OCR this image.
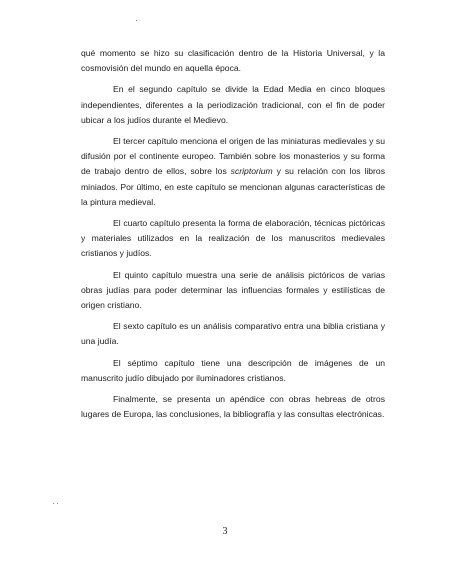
qué momento se hizo su clasificación dentro de la Historia Universal, y la cosmovisión del mundo en aquella época.

En el segundo capítulo se divide la Edad Media en cinco bloques independientes, diferentes a la periodización tradicional, con el fin de poder ubicar a los judíos durante el Medievo.

El tercer capítulo menciona el origen de las miniaturas medievales y su difusión por el continente europeo. También sobre los monasterios y su forma de trabajo dentro de ellos, sobre los scriptorium y su relación con los libros miniados. Por último, en este capítulo se mencionan algunas características de la pintura medieval.

El cuarto capítulo presenta la forma de elaboración, técnicas pictóricas y materiales utilizados en la realización de los manuscritos medievales cristianos y judíos.

El quinto capítulo muestra una serie de análisis pictóricos de varias obras judías para poder determinar las influencias formales y estilísticas de origen cristiano.

El sexto capítulo es un análisis comparativo entra una biblia cristiana y una judía.

El séptimo capítulo tiene una descripción de imágenes de un manuscrito judío dibujado por iluminadores cristianos.

Finalmente, se presenta un apéndice con obras hebreas de otros lugares de Europa, las conclusiones, la bibliografía y las consultas electrónicas.

3
